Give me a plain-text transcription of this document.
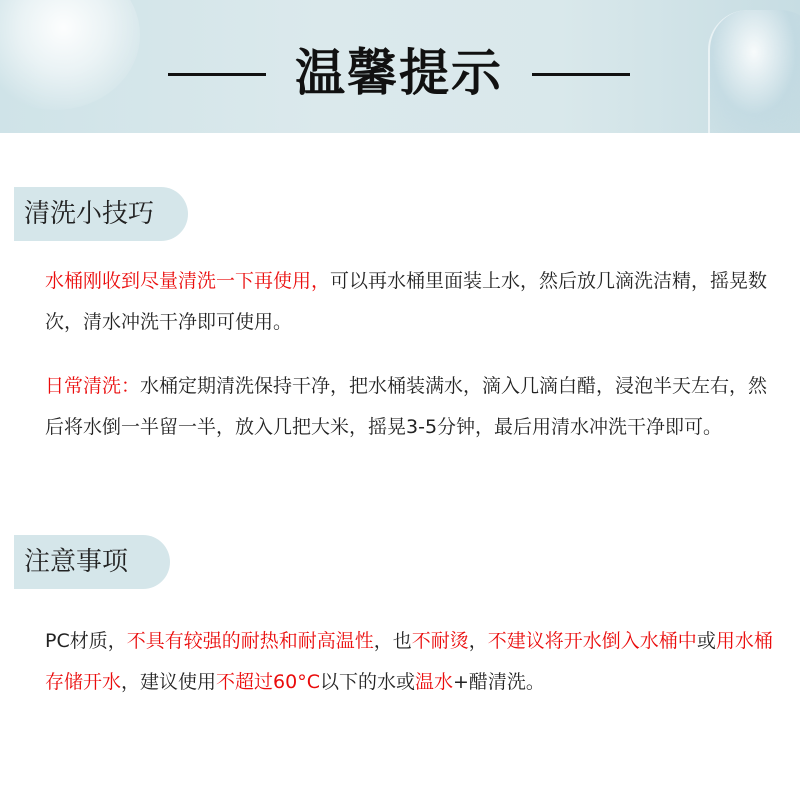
温馨提示
清洗小技巧

水桶刚收到尽量清洗一下再使用，可以再水桶里面装上水，然后放几滴洗洁精，摇晃数次，清水冲洗干净即可使用。

日常清洗：水桶定期清洗保持干净，把水桶装满水，滴入几滴白醋，浸泡半天左右，然后将水倒一半留一半，放入几把大米，摇晃3-5分钟，最后用清水冲洗干净即可。

注意事项

PC材质，不具有较强的耐热和耐高温性，也不耐烫，不建议将开水倒入水桶中或用水桶存储开水，建议使用不超过60°C以下的水或温水+醋清洗。
